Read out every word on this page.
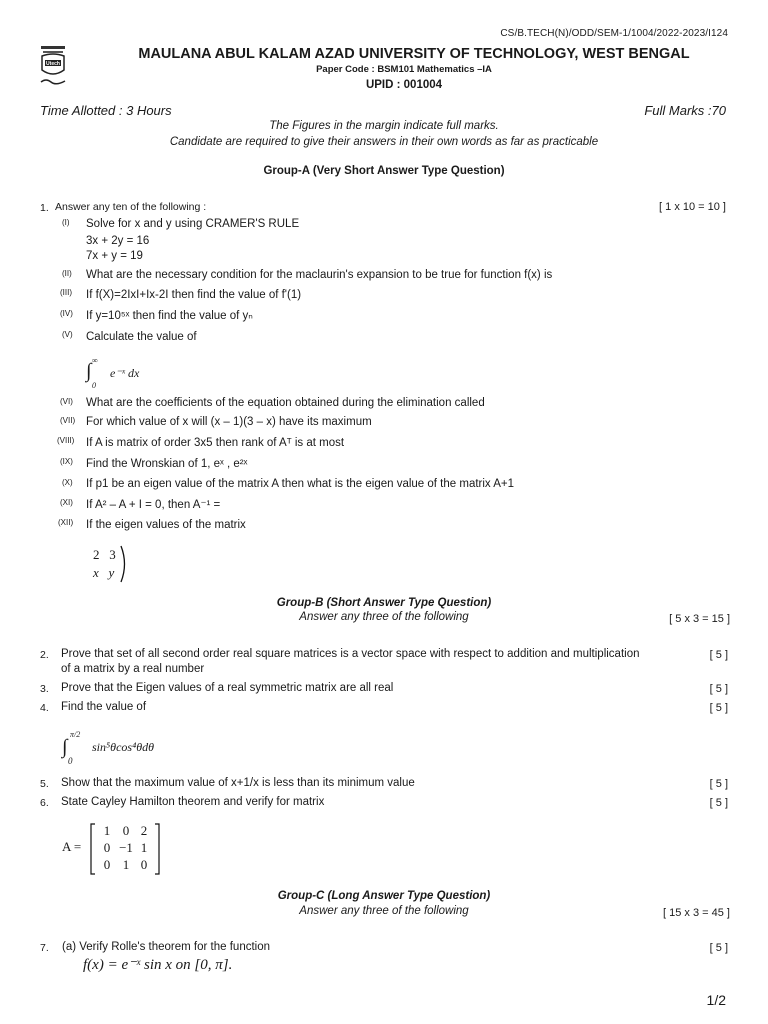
CS/B.TECH(N)/ODD/SEM-1/1004/2022-2023/I124
Utech
MAULANA ABUL KALAM AZAD UNIVERSITY OF TECHNOLOGY, WEST BENGAL
Paper Code : BSM101 Mathematics –IA
UPID : 001004
Time Allotted : 3 Hours	Full Marks :70
The Figures in the margin indicate full marks.
Candidate are required to give their answers in their own words as far as practicable
Group-A (Very Short Answer Type Question)
1. Answer any ten of the following :	[ 1 x 10 = 10 ]
(I) Solve for x and y using CRAMER'S RULE
3x + 2y = 16
7x + y = 19
(II) What are the necessary condition for the maclaurin's expansion to be true for function f(x) is
(III) If f(X)=2IxI+Ix-2I then find the value of f'(1)
(IV) If y=10⁵ˣ then find the value of yₙ
(V) Calculate the value of
∞
∫ e⁻ˣ dx
0
(VI) What are the coefficients of the equation obtained during the elimination called
(VII) For which value of x will (x – 1)(3 – x) have its maximum
(VIII) If A is matrix of order 3x5 then rank of Aᵀ is at most
(IX) Find the Wronskian of 1, eˣ , e²ˣ
(X) If p1 be an eigen value of the matrix A then what is the eigen value of the matrix A+1
(XI) If A² – A + I = 0, then A⁻¹ =
(XII) If the eigen values of the matrix
2   3
x   y
Group-B (Short Answer Type Question)
Answer any three of the following	[ 5 x 3 = 15 ]
2. Prove that set of all second order real square matrices is a vector space with respect to addition and multiplication
of a matrix by a real number
[ 5 ]
3. Prove that the Eigen values of a real symmetric matrix are all real	[ 5 ]
4. Find the value of	[ 5 ]
π/2
∫ sin⁵θcos⁴θdθ
0
5. Show that the maximum value of x+1/x is less than its minimum value	[ 5 ]
6. State Cayley Hamilton theorem and verify for matrix	[ 5 ]
A =
1 0 2
0 −1 1
0 1 0
Group-C (Long Answer Type Question)
Answer any three of the following	[ 15 x 3 = 45 ]
7. (a) Verify Rolle's theorem for the function	[ 5 ]
f(x) = e⁻ˣ sin x on [0, π].
1/2
